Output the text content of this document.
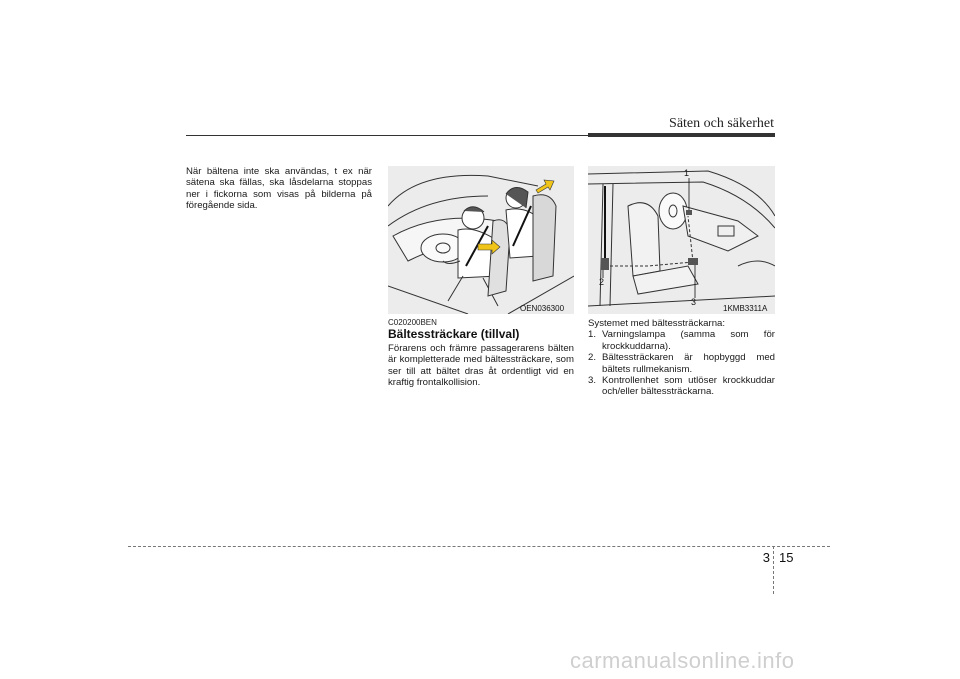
Säten och säkerhet
När bältena inte ska användas, t ex när sätena ska fällas, ska låsdelarna stoppas ner i fickorna som visas på bilderna på föregående sida.
OEN036300
1
2
3
1KMB3311A
C020200BEN
Bältessträckare (tillval)
Förarens och främre passagerarens bälten är kompletterade med bältessträckare, som ser till att bältet dras åt ordentligt vid en kraftig frontalkollision.
Systemet med bältessträckarna:
1. Varningslampa (samma som för krockkuddarna).
2. Bältessträckaren är hopbyggd med bältets rullmekanism.
3. Kontrollenhet som utlöser krockkuddar och/eller bältessträckarna.
3 15
carmanualsonline.info
